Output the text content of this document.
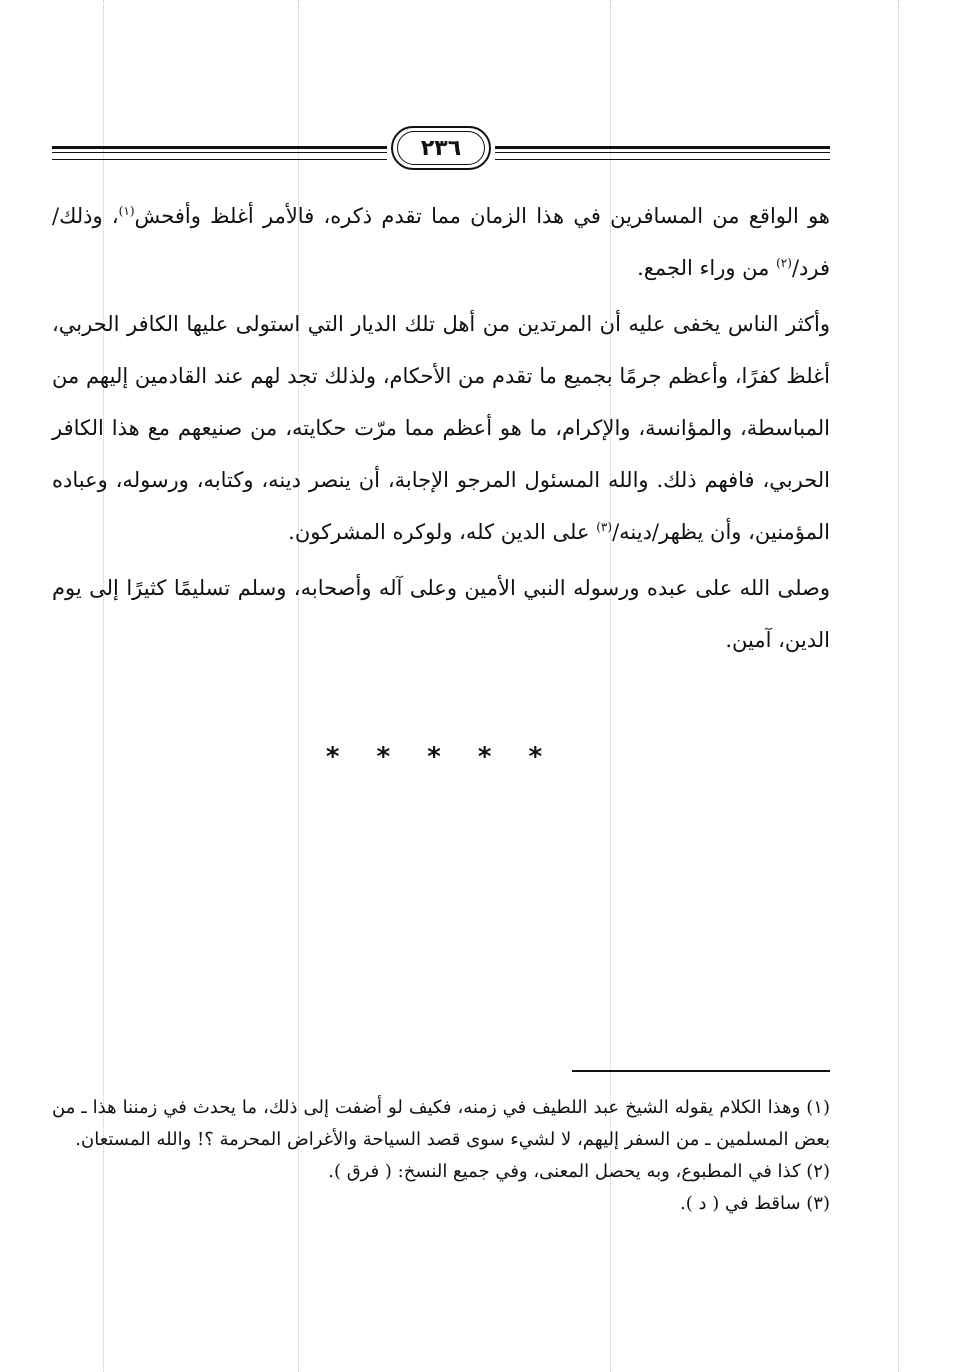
٢٣٦

هو الواقع من المسافرين في هذا الزمان مما تقدم ذكره، فالأمر أغلظ وأفحش$^{(١)}$، وذلك/ فرد/$^{(٢)}$ من وراء الجمع.

وأكثر الناس يخفى عليه أن المرتدين من أهل تلك الديار التي استولى عليها الكافر الحربي، أغلظ كفرًا، وأعظم جرمًا بجميع ما تقدم من الأحكام، ولذلك تجد لهم عند القادمين إليهم من المباسطة، والمؤانسة، والإكرام، ما هو أعظم مما مرّت حكايته، من صنيعهم مع هذا الكافر الحربي، فافهم ذلك. والله المسئول المرجو الإجابة، أن ينصر دينه، وكتابه، ورسوله، وعباده المؤمنين، وأن يظهر/دينه/$^{(٣)}$ على الدين كله، ولوكره المشركون.

وصلى الله على عبده ورسوله النبي الأمين وعلى آله وأصحابه، وسلم تسليمًا كثيرًا إلى يوم الدين، آمين.

* * * * *

(١) وهذا الكلام يقوله الشيخ عبد اللطيف في زمنه، فكيف لو أضفت إلى ذلك، ما يحدث في زمننا هذا ـ من بعض المسلمين ـ من السفر إليهم، لا لشيء سوى قصد السياحة والأغراض المحرمة ؟! والله المستعان.

(٢) كذا في المطبوع، وبه يحصل المعنى، وفي جميع النسخ: ( فرق ).

(٣) ساقط في ( د ).
